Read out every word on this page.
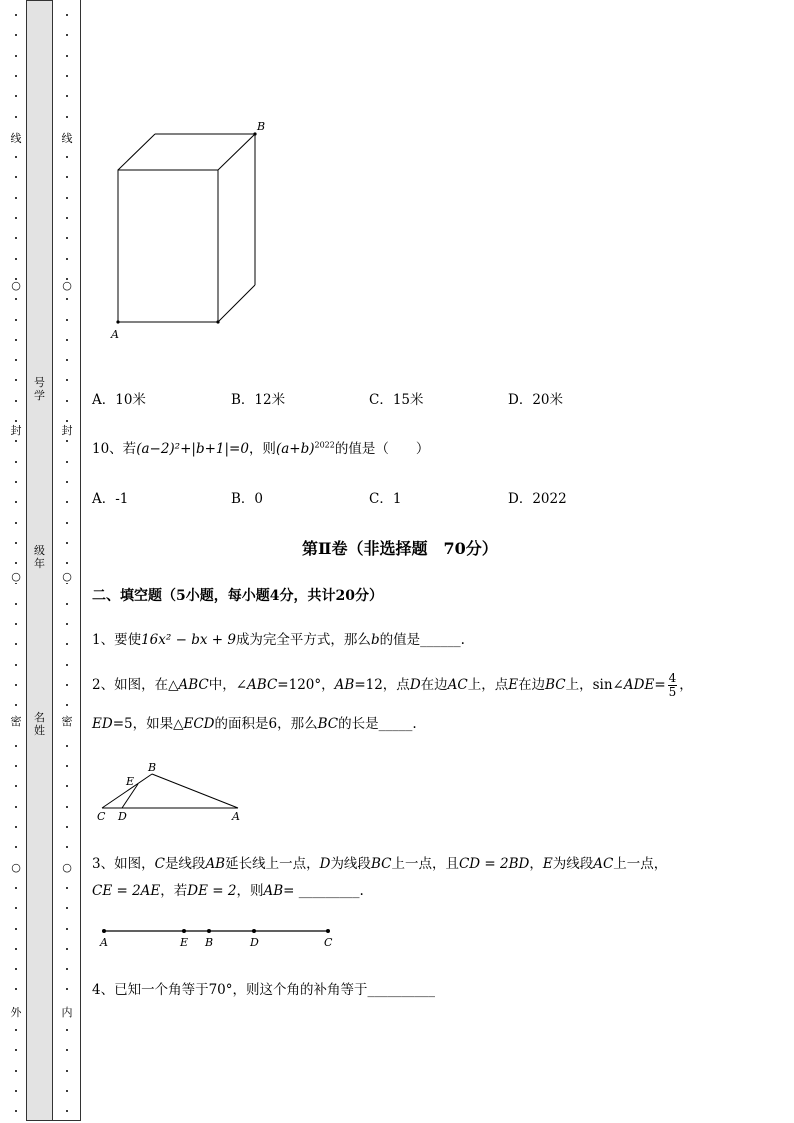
线
○
封
○
密
○
外
号
学
级
年
名
姓
线
○
封
○
密
○
内
A
B
A．10米	B．12米	C．15米	D．20米
10、若(a−2)²+|b+1|=0，则$(a+b)^{2022}$的值是（　　）
A．-1	B．0	C．1	D．2022
第Ⅱ卷（非选择题　70分）
二、填空题（5小题，每小题4分，共计20分）
1、要使16x² − bx + 9成为完全平方式，那么b的值是______.
2、如图，在△ABC中，∠ABC=120°，AB=12，点D在边AC上，点E在边BC上，sin∠ADE= $\frac{4}{5}$ ，
ED=5，如果△ECD的面积是6，那么BC的长是_____.
B
E
C D	A
3、如图，C是线段AB延长线上一点，D为线段BC上一点，且CD = 2BD，E为线段AC上一点，
CE = 2AE，若DE = 2，则AB= _________.
A	E B	D	C
4、已知一个角等于70°，则这个角的补角等于__________
